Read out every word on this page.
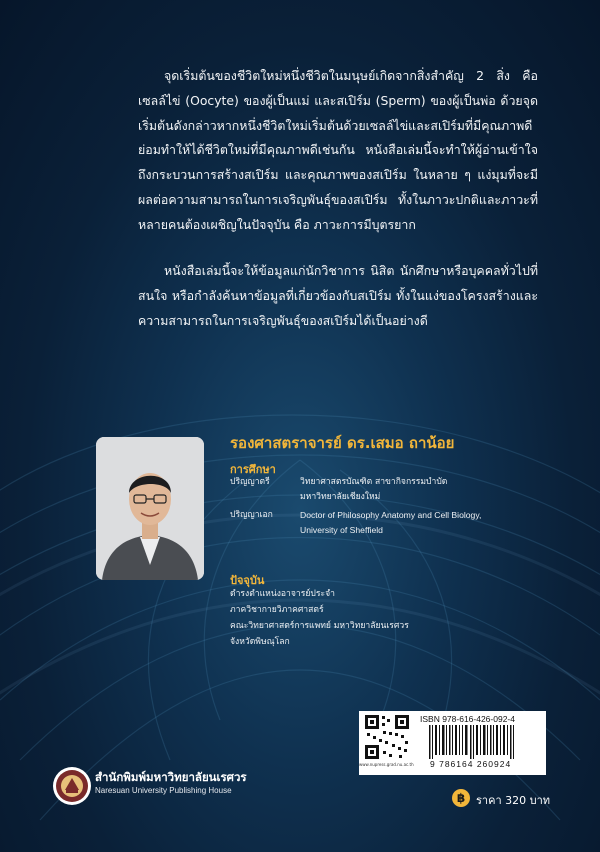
จุดเริ่มต้นของชีวิตใหม่หนึ่งชีวิตในมนุษย์เกิดจากสิ่งสำคัญ 2 สิ่ง คือ เซลล์ไข่ (Oocyte) ของผู้เป็นแม่ และสเปิร์ม (Sperm) ของผู้เป็นพ่อ ด้วยจุดเริ่มต้นดังกล่าวหากหนึ่งชีวิตใหม่เริ่มต้นด้วยเซลล์ไข่และสเปิร์มที่มีคุณภาพดี ย่อมทำให้ได้ชีวิตใหม่ที่มีคุณภาพดีเช่นกัน หนังสือเล่มนี้จะทำให้ผู้อ่านเข้าใจถึงกระบวนการสร้างสเปิร์ม และคุณภาพของสเปิร์ม ในหลาย ๆ แง่มุมที่จะมีผลต่อความสามารถในการเจริญพันธุ์ของสเปิร์ม ทั้งในภาวะปกติและภาวะที่หลายคนต้องเผชิญในปัจจุบัน คือ ภาวะการมีบุตรยาก
หนังสือเล่มนี้จะให้ข้อมูลแก่นักวิชาการ นิสิต นักศึกษาหรือบุคคลทั่วไปที่สนใจ หรือกำลังค้นหาข้อมูลที่เกี่ยวข้องกับสเปิร์ม ทั้งในแง่ของโครงสร้างและความสามารถในการเจริญพันธุ์ของสเปิร์มได้เป็นอย่างดี
รองศาสตราจารย์ ดร.เสมอ ถาน้อย
การศึกษา
ปริญญาตรี	วิทยาศาสตรบัณฑิต สาขากิจกรรมบำบัด
มหาวิทยาลัยเชียงใหม่
ปริญญาเอก	Doctor of Philosophy Anatomy and Cell Biology,
University of Sheffield
ปัจจุบัน
ดำรงตำแหน่งอาจารย์ประจำ
ภาควิชากายวิภาคศาสตร์
คณะวิทยาศาสตร์การแพทย์ มหาวิทยาลัยนเรศวร
จังหวัดพิษณุโลก
ISBN 978-616-426-092-4
9 786164 260924
www.nupress.grad.nu.ac.th
สำนักพิมพ์มหาวิทยาลัยนเรศวร
Naresuan University Publishing House
฿ ราคา 320 บาท
